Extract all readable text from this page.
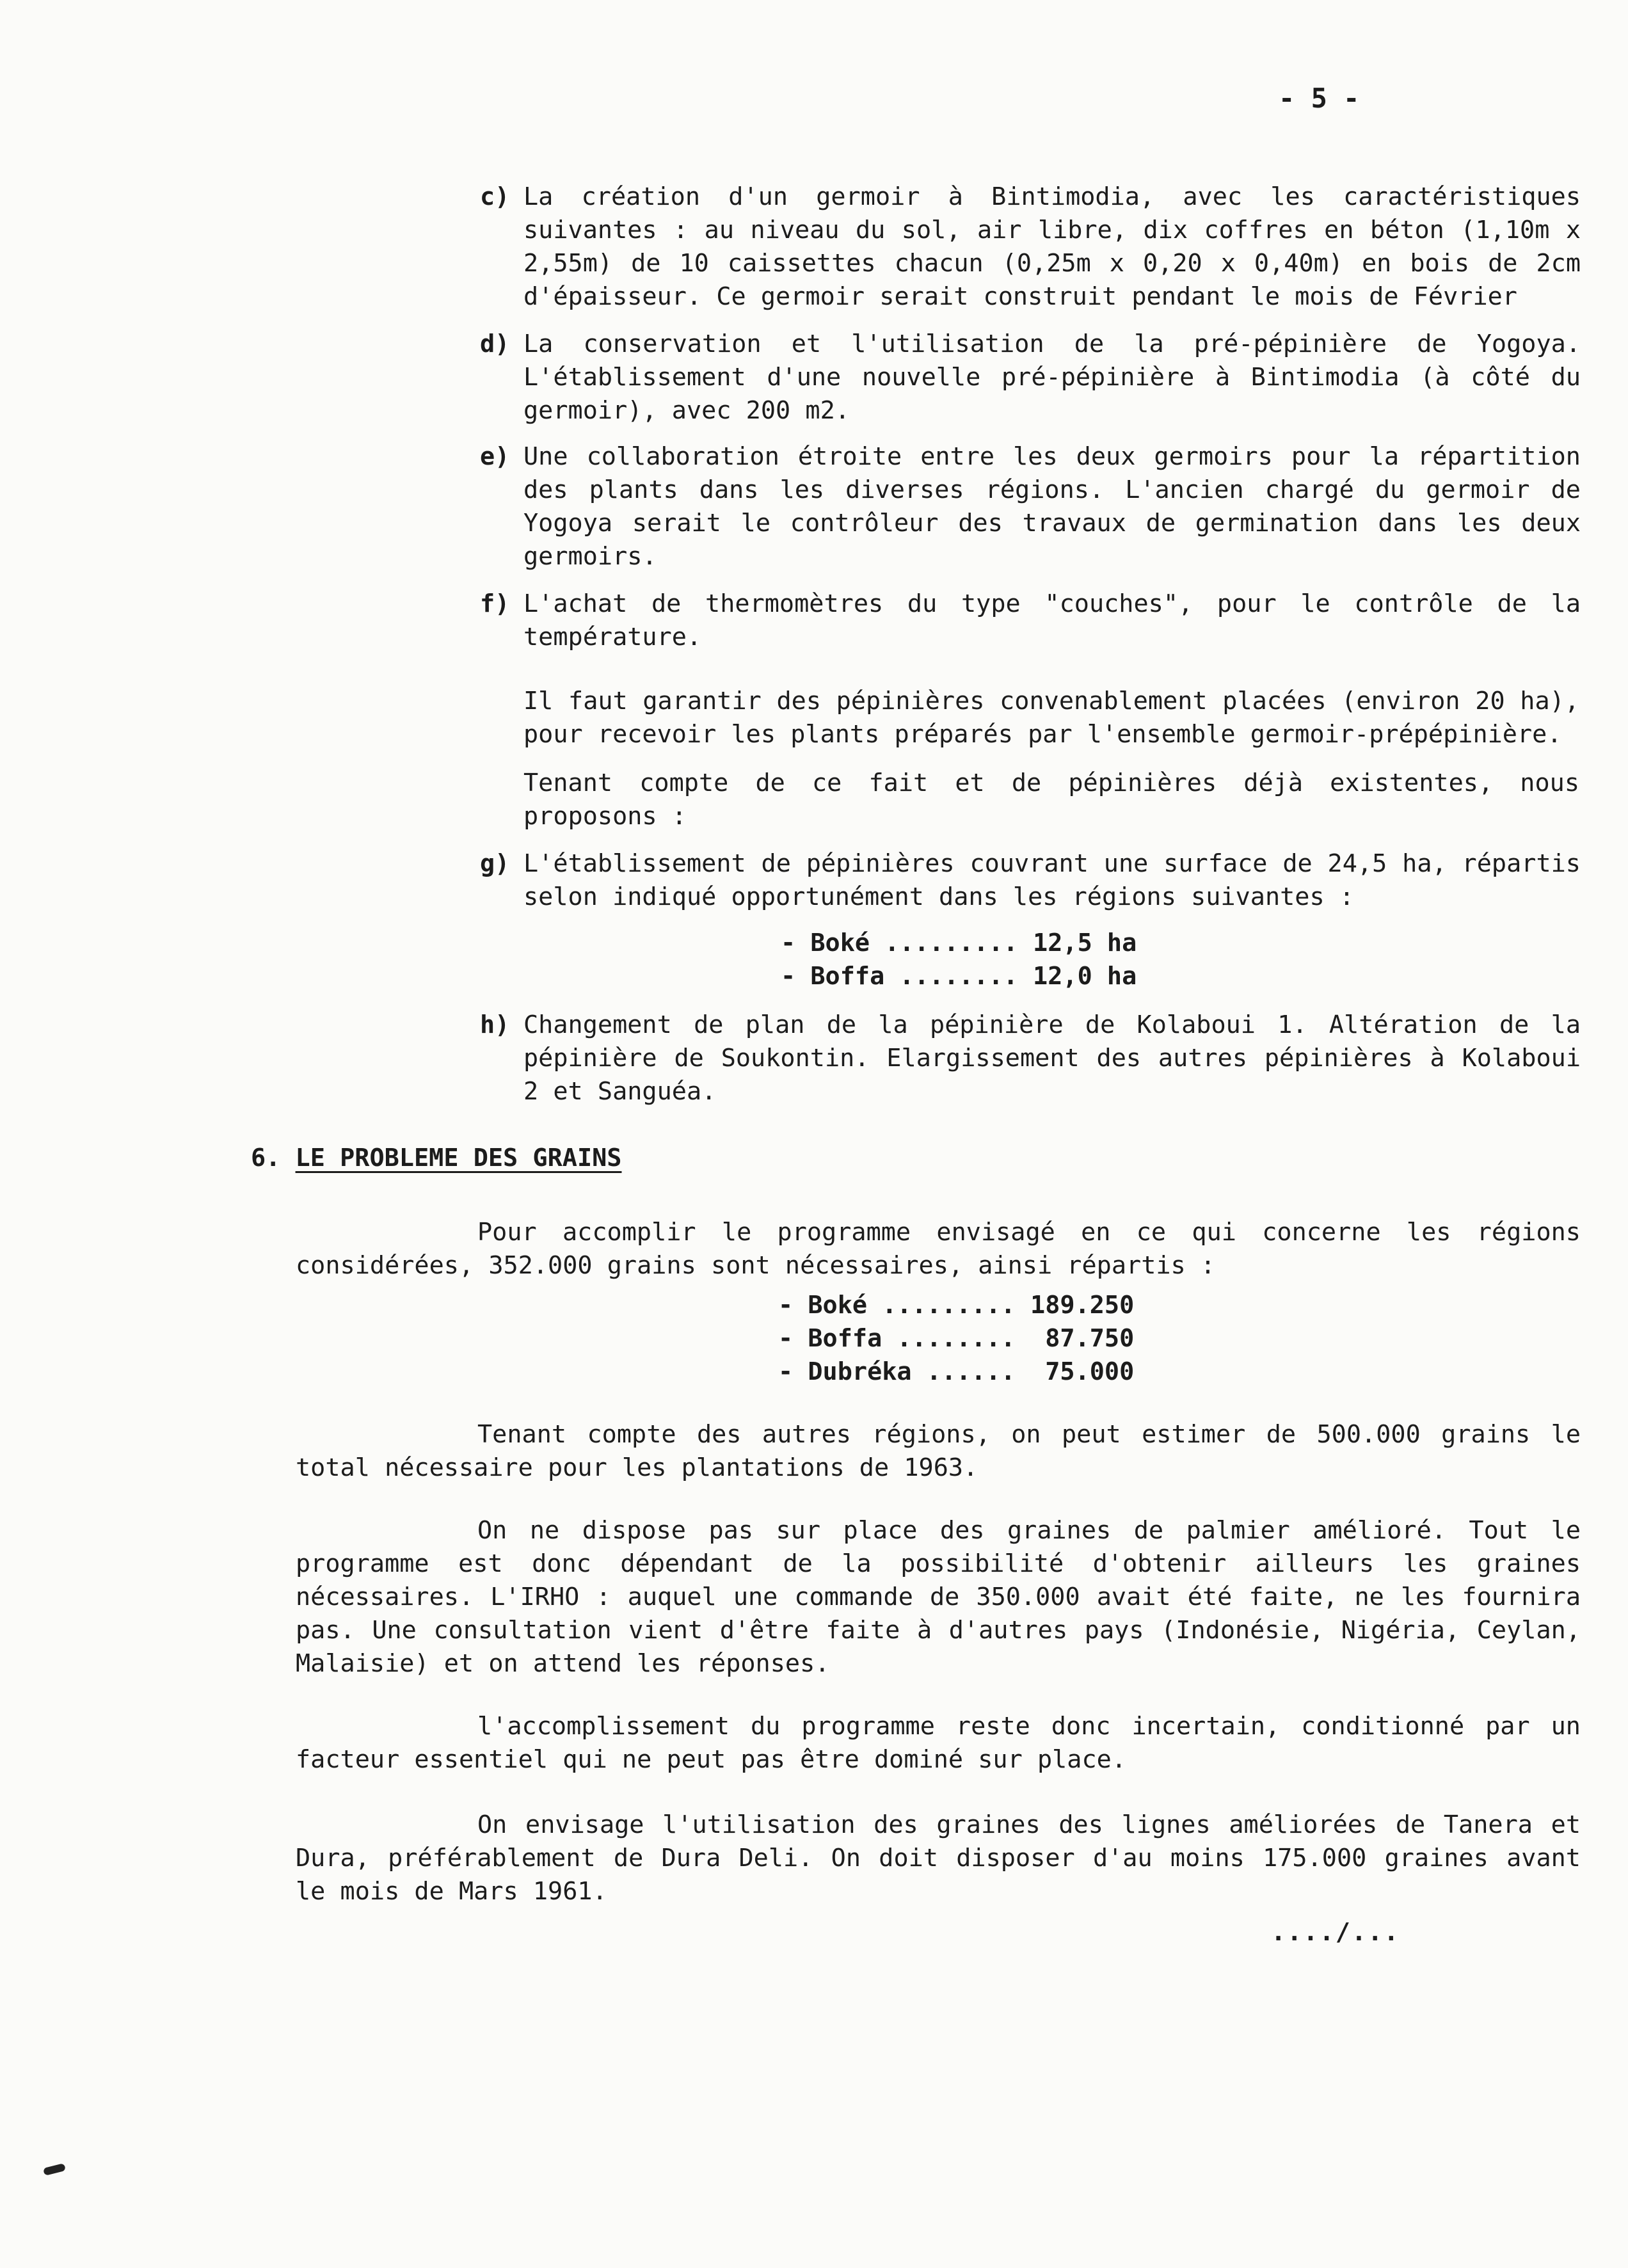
- 5 -
c) La création d'un germoir à Bintimodia, avec les caractéristiques suivantes : au niveau du sol, air libre, dix coffres en béton (1,10m x 2,55m) de 10 caissettes chacun (0,25m x 0,20 x 0,40m) en bois de 2cm d'épaisseur. Ce germoir serait construit pendant le mois de Février
d) La conservation et l'utilisation de la pré-pépinière de Yogoya. L'établissement d'une nouvelle pré-pépinière à Bintimodia (à côté du germoir), avec 200 m2.
e) Une collaboration étroite entre les deux germoirs pour la répartition des plants dans les diverses régions. L'ancien chargé du germoir de Yogoya serait le contrôleur des travaux de germination dans les deux germoirs.
f) L'achat de thermomètres du type "couches", pour le contrôle de la température.
Il faut garantir des pépinières convenablement placées (environ 20 ha), pour recevoir les plants préparés par l'ensemble germoir-prépépinière.
Tenant compte de ce fait et de pépinières déjà existentes, nous proposons :
g) L'établissement de pépinières couvrant une surface de 24,5 ha, répartis selon indiqué opportunément dans les régions suivantes :
- Boké ......... 12,5 ha
- Boffa ........ 12,0 ha
h) Changement de plan de la pépinière de Kolaboui 1. Altération de la pépinière de Soukontin. Elargissement des autres pépinières à Kolaboui 2 et Sanguéa.
6. LE PROBLEME DES GRAINS
Pour accomplir le programme envisagé en ce qui concerne les régions considérées, 352.000 grains sont nécessaires, ainsi répartis :
- Boké ......... 189.250
- Boffa ........  87.750
- Dubréka ......  75.000
Tenant compte des autres régions, on peut estimer de 500.000 grains le total nécessaire pour les plantations de 1963.
On ne dispose pas sur place des graines de palmier amélioré. Tout le programme est donc dépendant de la possibilité d'obtenir ailleurs les graines nécessaires. L'IRHO : auquel une commande de 350.000 avait été faite, ne les fournira pas. Une consultation vient d'être faite à d'autres pays (Indonésie, Nigéria, Ceylan, Malaisie) et on attend les réponses.
l'accomplissement du programme reste donc incertain, conditionné par un facteur essentiel qui ne peut pas être dominé sur place.
On envisage l'utilisation des graines des lignes améliorées de Tanera et Dura, préférablement de Dura Deli. On doit disposer d'au moins 175.000 graines avant le mois de Mars 1961.
..../...
